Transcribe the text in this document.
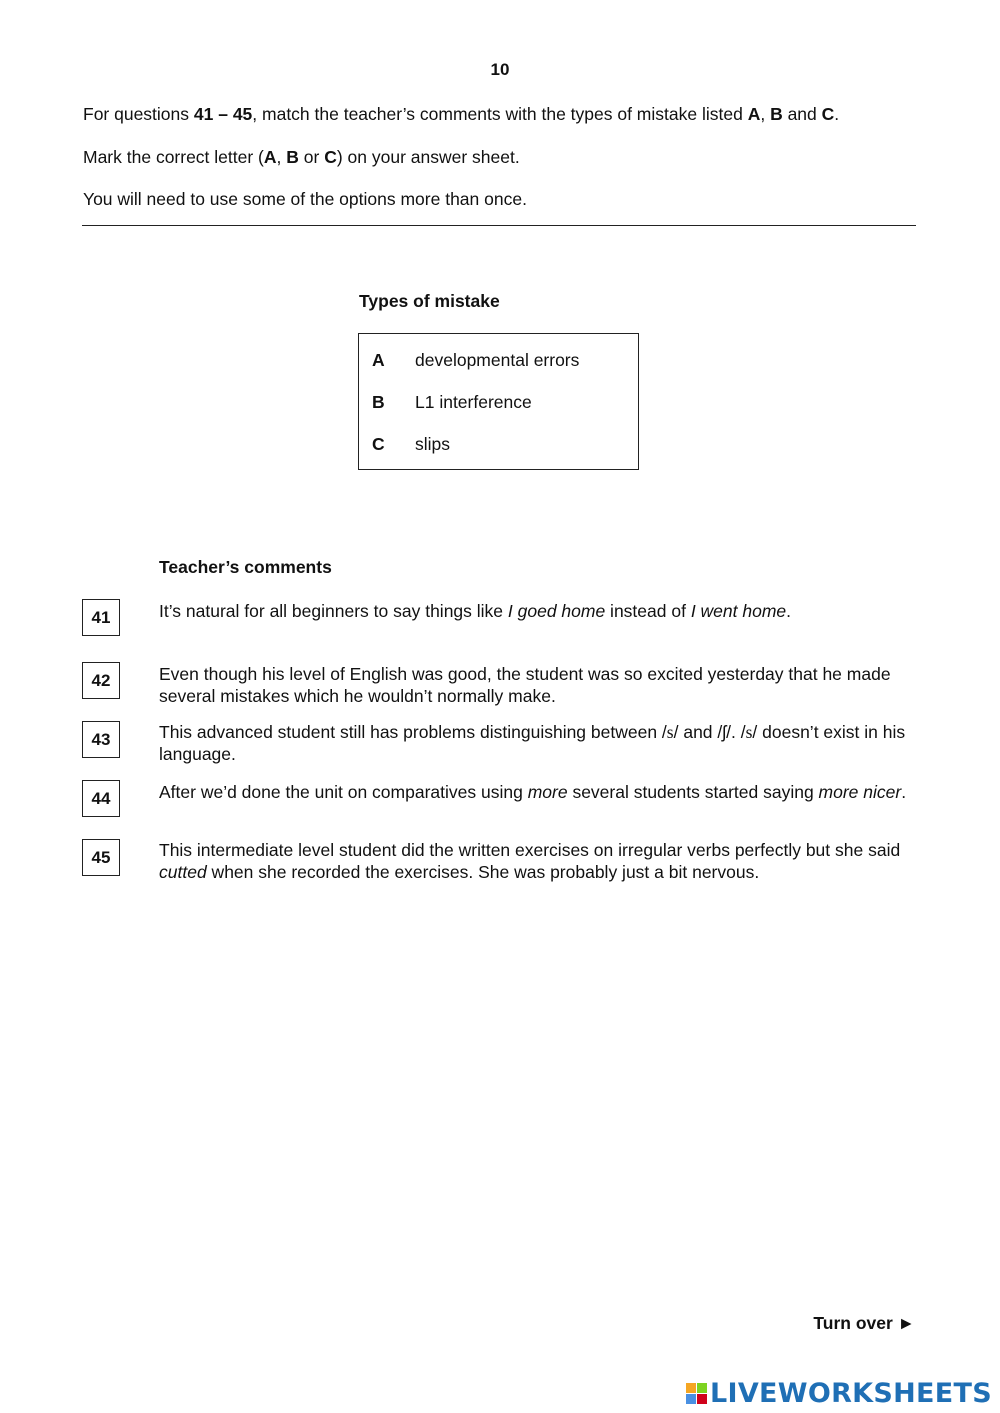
10
For questions 41 – 45, match the teacher’s comments with the types of mistake listed A, B and C.
Mark the correct letter (A, B or C) on your answer sheet.
You will need to use some of the options more than once.
Types of mistake
A developmental errors
B L1 interference
C slips
Teacher’s comments
41	It’s natural for all beginners to say things like I goed home instead of I went home.
42	Even though his level of English was good, the student was so excited yesterday that he made several mistakes which he wouldn’t normally make.
43	This advanced student still has problems distinguishing between /s/ and /ʃ/. /s/ doesn’t exist in his language.
44	After we’d done the unit on comparatives using more several students started saying more nicer.
45	This intermediate level student did the written exercises on irregular verbs perfectly but she said cutted when she recorded the exercises. She was probably just a bit nervous.
Turn over ►
LIVEWORKSHEETS
